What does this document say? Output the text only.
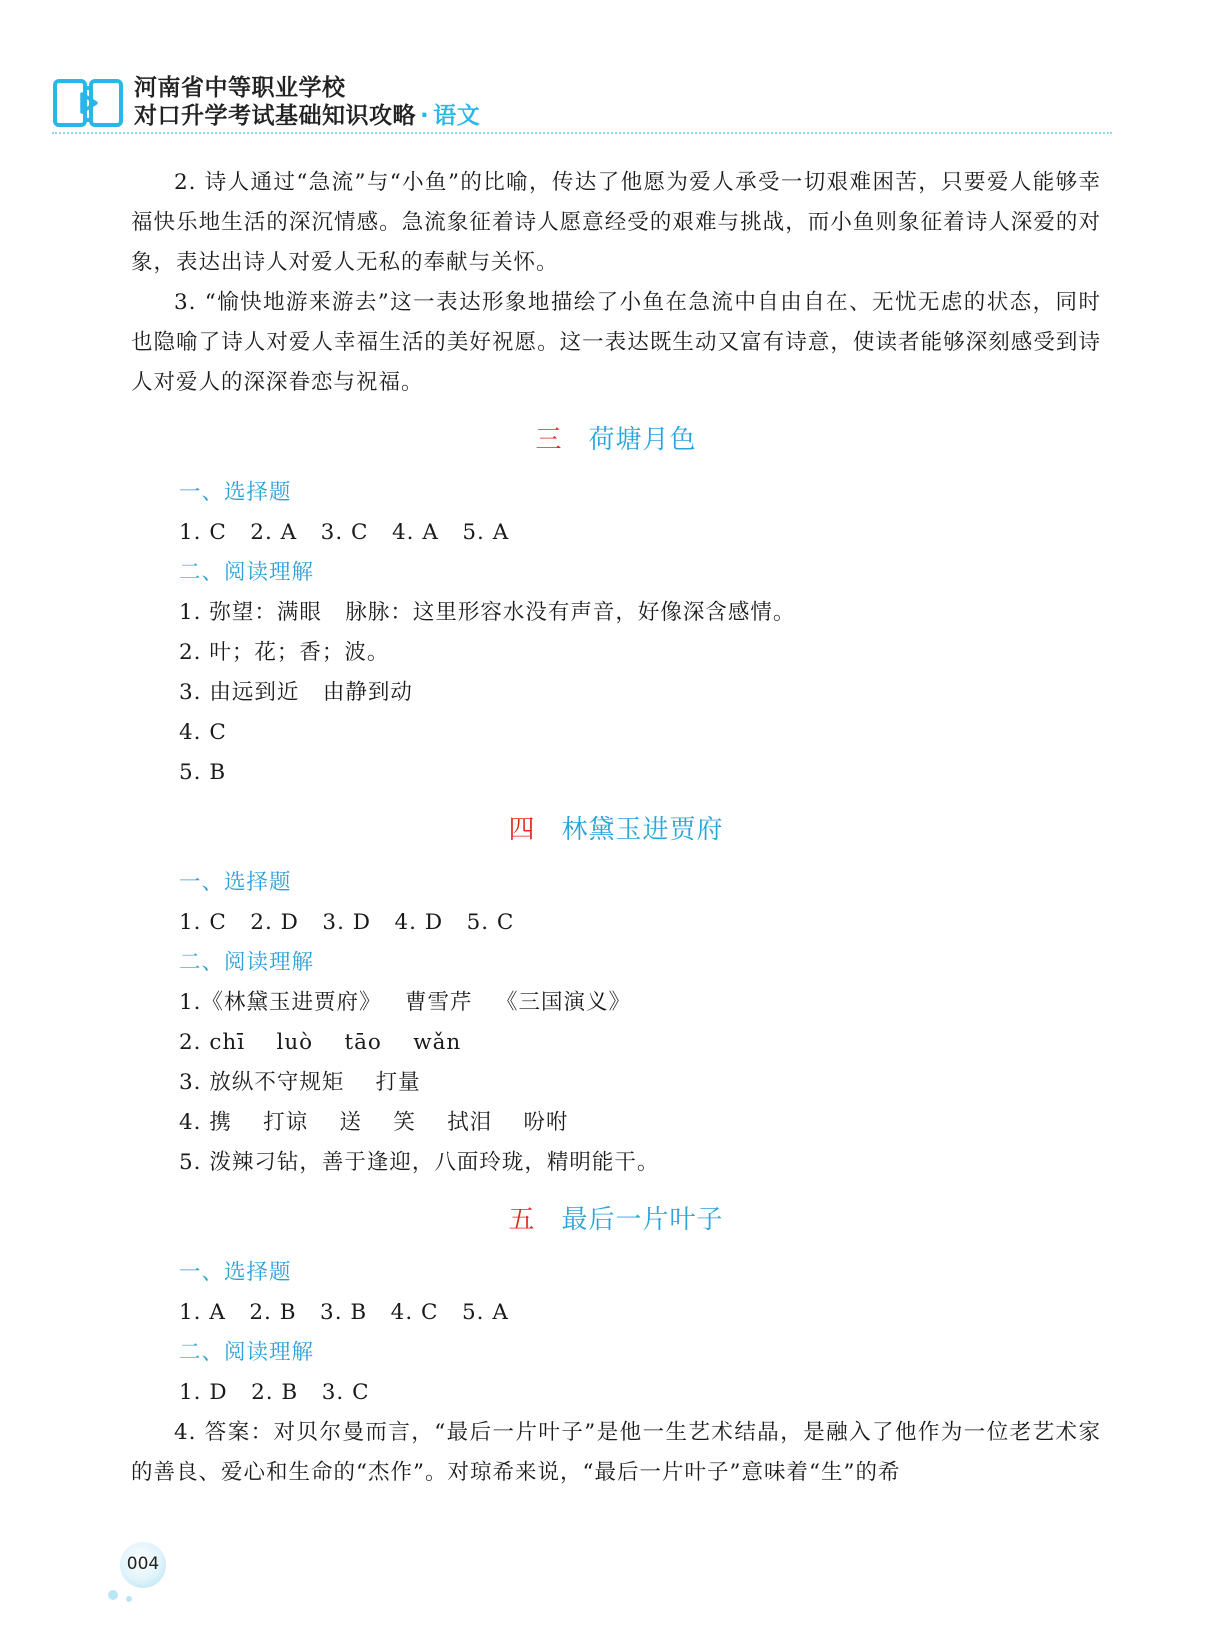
河南省中等职业学校
对口升学考试基础知识攻略 · 语文

2. 诗人通过“急流”与“小鱼”的比喻，传达了他愿为爱人承受一切艰难困苦，只要爱人能够幸福快乐地生活的深沉情感。急流象征着诗人愿意经受的艰难与挑战，而小鱼则象征着诗人深爱的对象，表达出诗人对爱人无私的奉献与关怀。

3. “愉快地游来游去”这一表达形象地描绘了小鱼在急流中自由自在、无忧无虑的状态，同时也隐喻了诗人对爱人幸福生活的美好祝愿。这一表达既生动又富有诗意，使读者能够深刻感受到诗人对爱人的深深眷恋与祝福。

三 荷塘月色
一、选择题
1. C   2. A   3. C   4. A   5. A
二、阅读理解
1. 弥望：满眼   脉脉：这里形容水没有声音，好像深含感情。
2. 叶；花；香；波。
3. 由远到近   由静到动
4. C
5. B
四 林黛玉进贾府
一、选择题
1. C   2. D   3. D   4. D   5. C
二、阅读理解
1.《林黛玉进贾府》   曹雪芹   《三国演义》
2. chī    luò    tāo    wǎn
3. 放纵不守规矩    打量
4. 携    打谅    送    笑    拭泪    吩咐
5. 泼辣刁钻，善于逢迎，八面玲珑，精明能干。
五 最后一片叶子
一、选择题
1. A   2. B   3. B   4. C   5. A
二、阅读理解
1. D   2. B   3. C

4. 答案：对贝尔曼而言，“最后一片叶子”是他一生艺术结晶，是融入了他作为一位老艺术家的善良、爱心和生命的“杰作”。对琼希来说，“最后一片叶子”意味着“生”的希

004
